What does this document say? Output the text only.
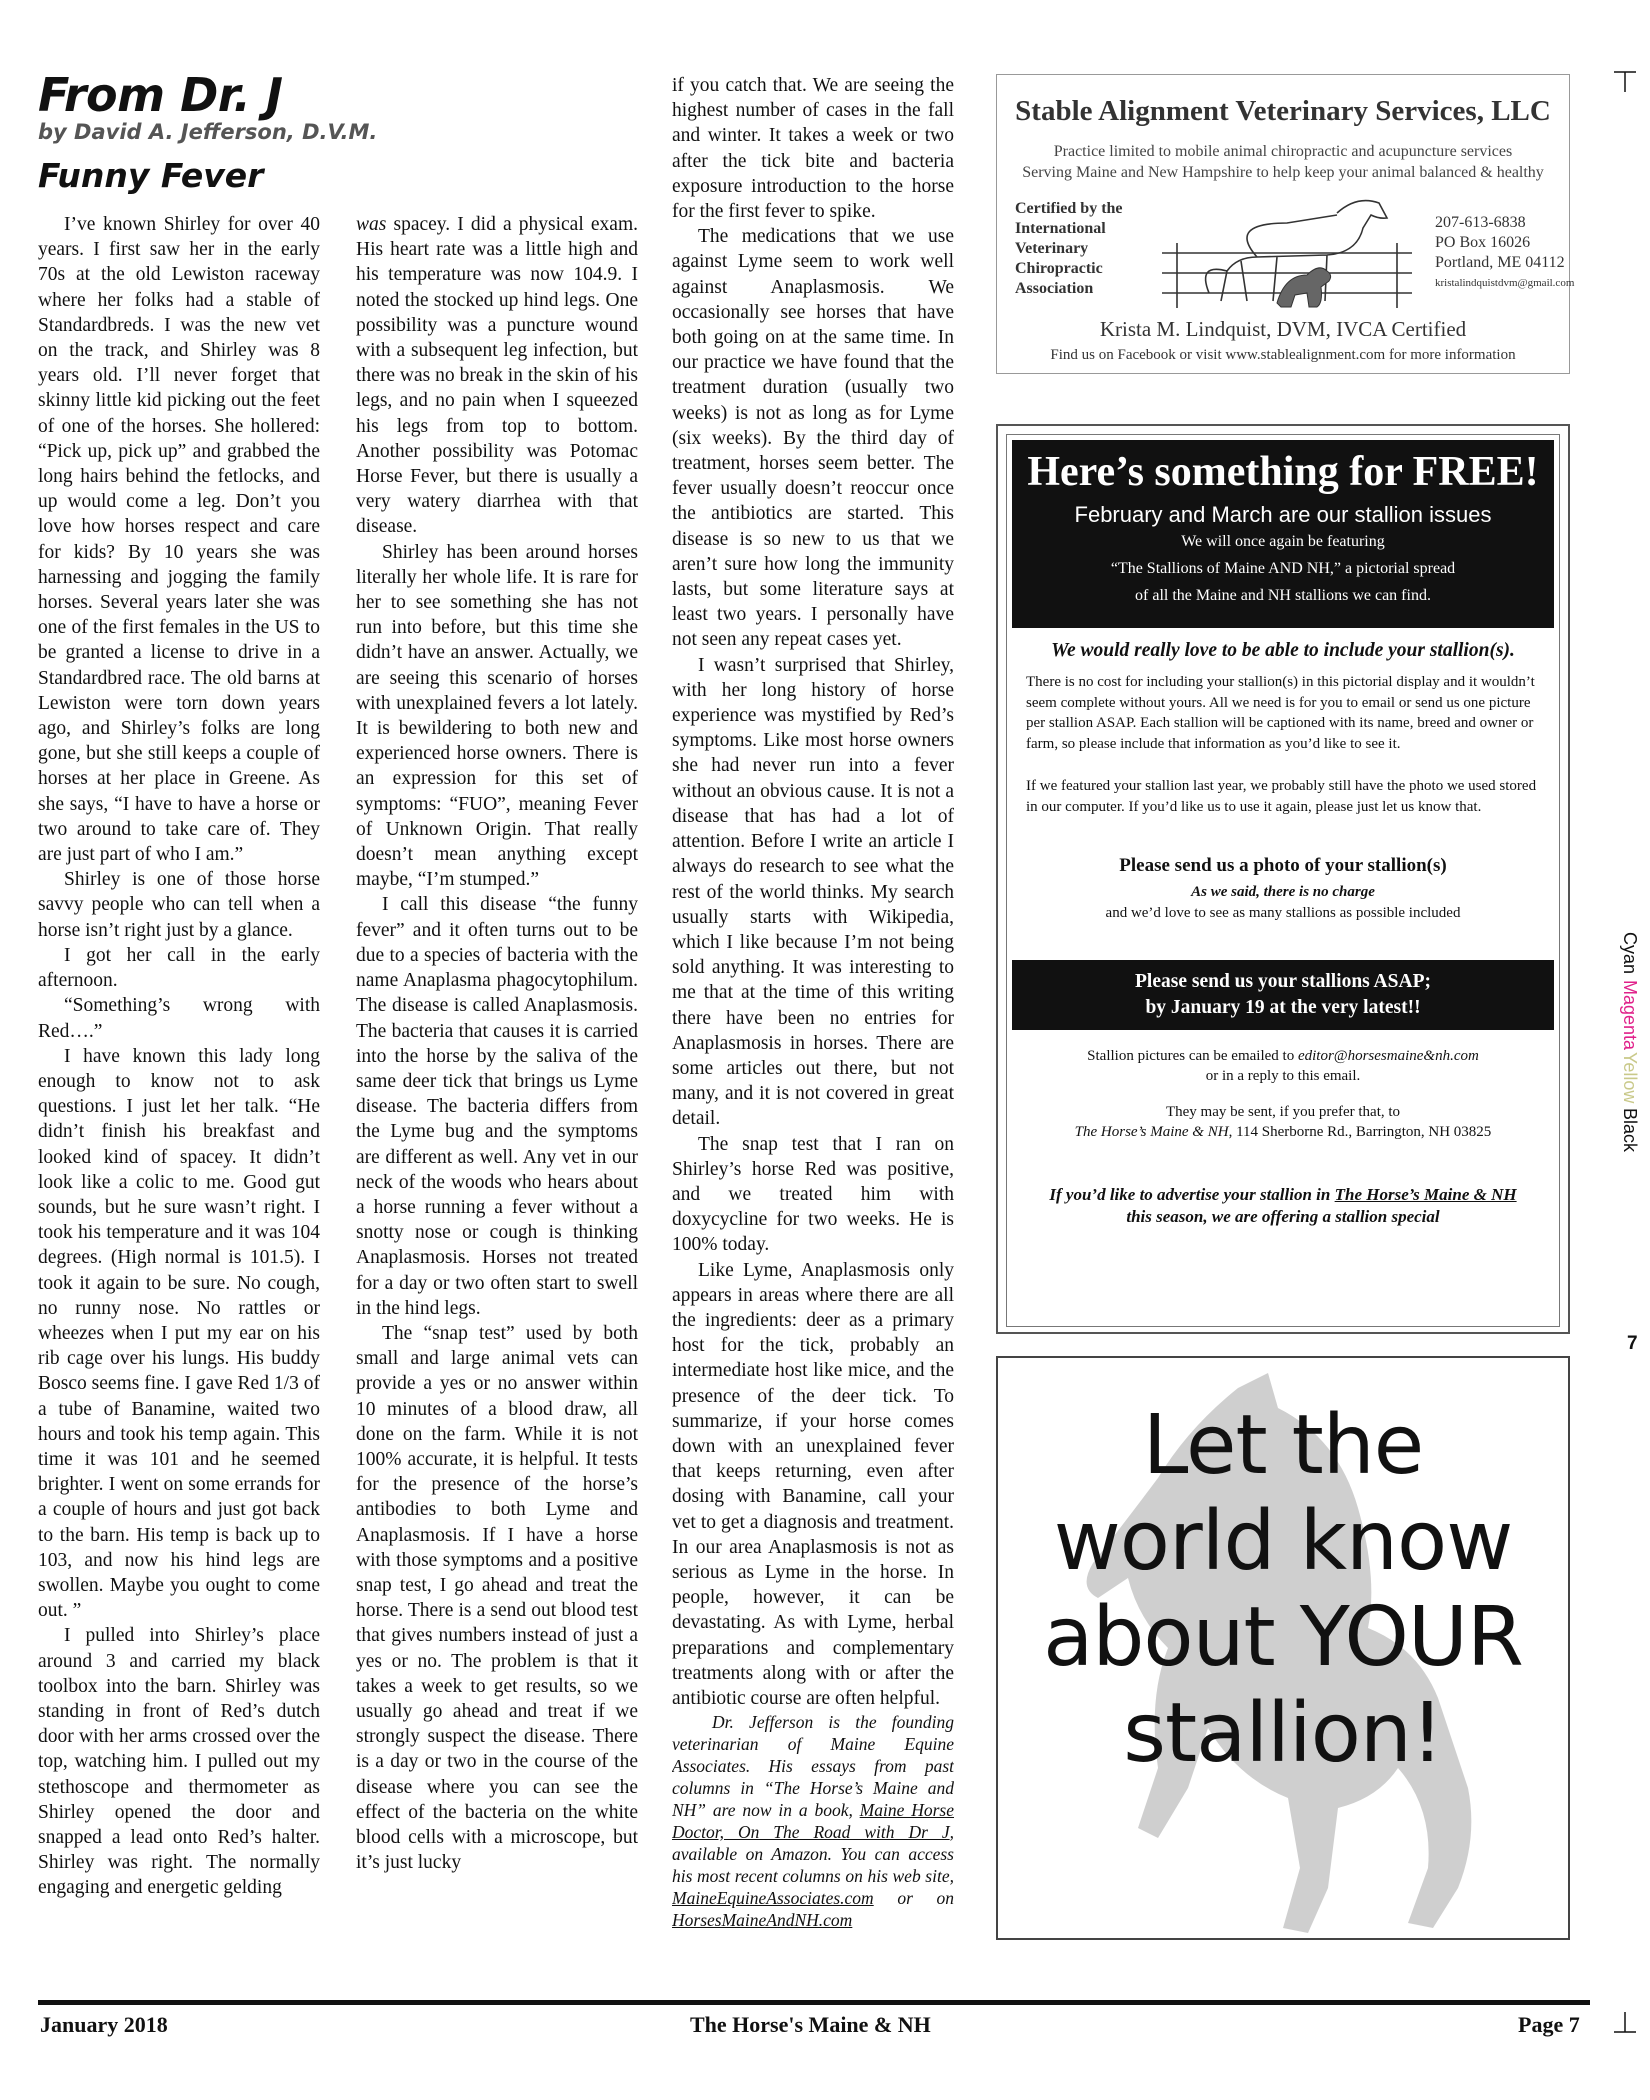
From Dr. J
by David A. Jefferson, D.V.M.
Funny Fever

I’ve known Shirley for over 40 years. I first saw her in the early 70s at the old Lewiston raceway where her folks had a stable of Standardbreds. I was the new vet on the track, and Shirley was 8 years old. I’ll never forget that skinny little kid picking out the feet of one of the horses. She hollered: “Pick up, pick up” and grabbed the long hairs behind the fetlocks, and up would come a leg. Don’t you love how horses respect and care for kids? By 10 years she was harnessing and jogging the family horses. Several years later she was one of the first females in the US to be granted a license to drive in a Standardbred race. The old barns at Lewiston were torn down years ago, and Shirley’s folks are long gone, but she still keeps a couple of horses at her place in Greene. As she says, “I have to have a horse or two around to take care of. They are just part of who I am.”

Shirley is one of those horse savvy people who can tell when a horse isn’t right just by a glance.

I got her call in the early afternoon.

“Something’s wrong with Red….”

I have known this lady long enough to know not to ask questions. I just let her talk. “He didn’t finish his breakfast and looked kind of spacey. It didn’t look like a colic to me. Good gut sounds, but he sure wasn’t right. I took his temperature and it was 104 degrees. (High normal is 101.5). I took it again to be sure. No cough, no runny nose. No rattles or wheezes when I put my ear on his rib cage over his lungs. His buddy Bosco seems fine. I gave Red 1/3 of a tube of Banamine, waited two hours and took his temp again. This time it was 101 and he seemed brighter. I went on some errands for a couple of hours and just got back to the barn. His temp is back up to 103, and now his hind legs are swollen. Maybe you ought to come out. ”

I pulled into Shirley’s place around 3 and carried my black toolbox into the barn. Shirley was standing in front of Red’s dutch door with her arms crossed over the top, watching him. I pulled out my stethoscope and thermometer as Shirley opened the door and snapped a lead onto Red’s halter. Shirley was right. The normally engaging and energetic gelding

was spacey. I did a physical exam. His heart rate was a little high and his temperature was now 104.9. I noted the stocked up hind legs. One possibility was a puncture wound with a subsequent leg infection, but there was no break in the skin of his legs, and no pain when I squeezed his legs from top to bottom. Another possibility was Potomac Horse Fever, but there is usually a very watery diarrhea with that disease.

Shirley has been around horses literally her whole life. It is rare for her to see something she has not run into before, but this time she didn’t have an answer. Actually, we are seeing this scenario of horses with unexplained fevers a lot lately. It is bewildering to both new and experienced horse owners. There is an expression for this set of symptoms: “FUO”, meaning Fever of Unknown Origin. That really doesn’t mean anything except maybe, “I’m stumped.”

I call this disease “the funny fever” and it often turns out to be due to a species of bacteria with the name Anaplasma phagocytophilum. The disease is called Anaplasmosis. The bacteria that causes it is carried into the horse by the saliva of the same deer tick that brings us Lyme disease. The bacteria differs from the Lyme bug and the symptoms are different as well. Any vet in our neck of the woods who hears about a horse running a fever without a snotty nose or cough is thinking Anaplasmosis. Horses not treated for a day or two often start to swell in the hind legs.

The “snap test” used by both small and large animal vets can provide a yes or no answer within 10 minutes of a blood draw, all done on the farm. While it is not 100% accurate, it is helpful. It tests for the presence of the horse’s antibodies to both Lyme and Anaplasmosis. If I have a horse with those symptoms and a positive snap test, I go ahead and treat the horse. There is a send out blood test that gives numbers instead of just a yes or no. The problem is that it takes a week to get results, so we usually go ahead and treat if we strongly suspect the disease. There is a day or two in the course of the disease where you can see the effect of the bacteria on the white blood cells with a microscope, but it’s just lucky

if you catch that. We are seeing the highest number of cases in the fall and winter. It takes a week or two after the tick bite and bacteria exposure introduction to the horse for the first fever to spike.

The medications that we use against Lyme seem to work well against Anaplasmosis. We occasionally see horses that have both going on at the same time. In our practice we have found that the treatment duration (usually two weeks) is not as long as for Lyme (six weeks). By the third day of treatment, horses seem better. The fever usually doesn’t reoccur once the antibiotics are started. This disease is so new to us that we aren’t sure how long the immunity lasts, but some literature says at least two years. I personally have not seen any repeat cases yet.

I wasn’t surprised that Shirley, with her long history of horse experience was mystified by Red’s symptoms. Like most horse owners she had never run into a fever without an obvious cause. It is not a disease that has had a lot of attention. Before I write an article I always do research to see what the rest of the world thinks. My search usually starts with Wikipedia, which I like because I’m not being sold anything. It was interesting to me that at the time of this writing there have been no entries for Anaplasmosis in horses. There are some articles out there, but not many, and it is not covered in great detail.

The snap test that I ran on Shirley’s horse Red was positive, and we treated him with doxycycline for two weeks. He is 100% today.

Like Lyme, Anaplasmosis only appears in areas where there are all the ingredients: deer as a primary host for the tick, probably an intermediate host like mice, and the presence of the deer tick. To summarize, if your horse comes down with an unexplained fever that keeps returning, even after dosing with Banamine, call your vet to get a diagnosis and treatment. In our area Anaplasmosis is not as serious as Lyme in the horse. In people, however, it can be devastating. As with Lyme, herbal preparations and complementary treatments along with or after the antibiotic course are often helpful.

Dr. Jefferson is the founding veterinarian of Maine Equine Associates. His essays from past columns in “The Horse’s Maine and NH” are now in a book, Maine Horse Doctor, On The Road with Dr J, available on Amazon. You can access his most recent columns on his web site, MaineEquineAssociates.com or on HorsesMaineAndNH.com

Stable Alignment Veterinary Services, LLC
Practice limited to mobile animal chiropractic and acupuncture services
Serving Maine and New Hampshire to help keep your animal balanced & healthy
Certified by the
International
Veterinary
Chiropractic
Association
207-613-6838
PO Box 16026
Portland, ME 04112
kristalindquistdvm@gmail.com
Krista M. Lindquist, DVM, IVCA Certified
Find us on Facebook or visit www.stablealignment.com for more information
Here’s something for FREE!
February and March are our stallion issues
We will once again be featuring
“The Stallions of Maine AND NH,” a pictorial spread
of all the Maine and NH stallions we can find.
We would really love to be able to include your stallion(s).
There is no cost for including your stallion(s) in this pictorial display and it wouldn’t seem complete without yours. All we need is for you to email or send us one picture per stallion ASAP. Each stallion will be captioned with its name, breed and owner or farm, so please include that information as you’d like to see it.
If we featured your stallion last year, we probably still have the photo we used stored in our computer. If you’d like us to use it again, please just let us know that.
Please send us a photo of your stallion(s)
As we said, there is no charge
and we’d love to see as many stallions as possible included
Please send us your stallions ASAP;
by January 19 at the very latest!!
Stallion pictures can be emailed to editor@horsesmaine&nh.com
or in a reply to this email.
They may be sent, if you prefer that, to
The Horse’s Maine & NH, 114 Sherborne Rd., Barrington, NH 03825
If you’d like to advertise your stallion in The Horse’s Maine & NH
this season, we are offering a stallion special
Let the
world know
about YOUR
stallion!
Cyan
Magenta
Yellow
Black
7
January 2018	The Horse's Maine & NH	Page 7
